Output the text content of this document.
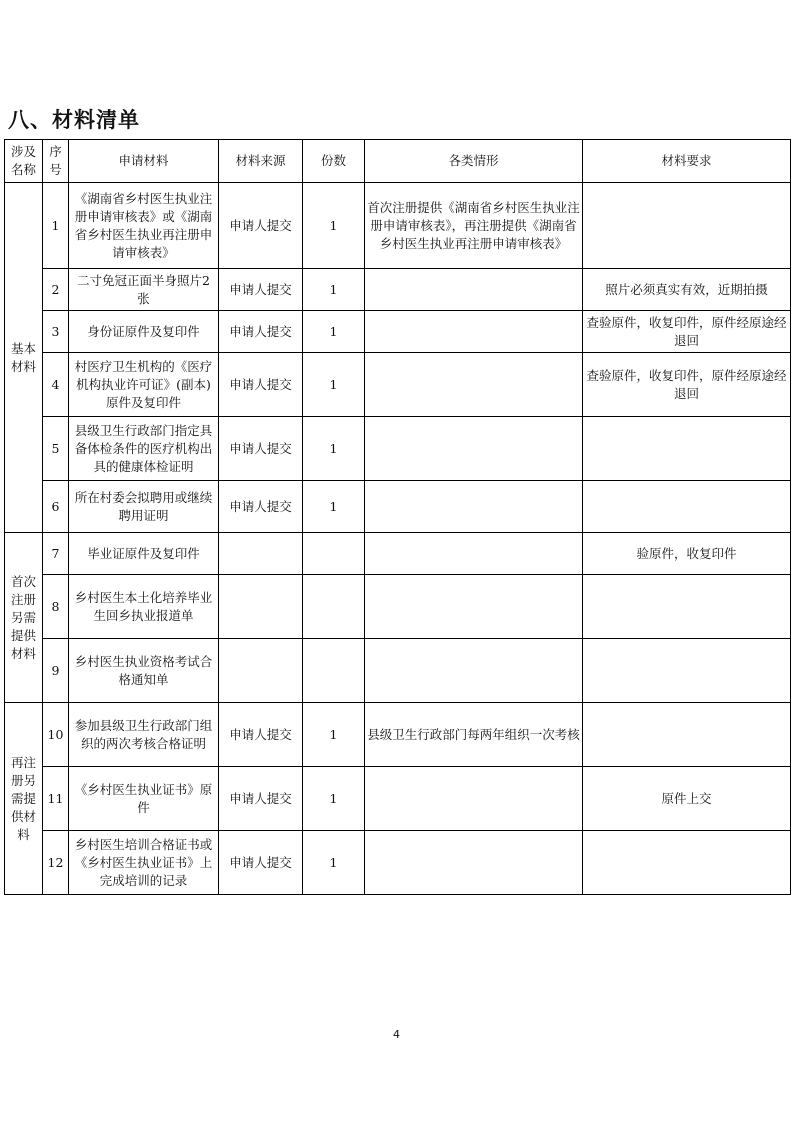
八、材料清单
涉及名称	序号	申请材料	材料来源	份数	各类情形	材料要求
基本材料	1	《湖南省乡村医生执业注册申请审核表》或《湖南省乡村医生执业再注册申请审核表》	申请人提交	1	首次注册提供《湖南省乡村医生执业注册申请审核表》，再注册提供《湖南省乡村医生执业再注册申请审核表》	
	2	二寸免冠正面半身照片2张	申请人提交	1		照片必须真实有效，近期拍摄
	3	身份证原件及复印件	申请人提交	1		查验原件，收复印件，原件经原途经退回
	4	村医疗卫生机构的《医疗机构执业许可证》(副本)原件及复印件	申请人提交	1		查验原件，收复印件，原件经原途经退回
	5	县级卫生行政部门指定具备体检条件的医疗机构出具的健康体检证明	申请人提交	1		
	6	所在村委会拟聘用或继续聘用证明	申请人提交	1		
首次注册另需提供材料	7	毕业证原件及复印件				验原件，收复印件
	8	乡村医生本土化培养毕业生回乡执业报道单				
	9	乡村医生执业资格考试合格通知单				
再注册另需提供材料	10	参加县级卫生行政部门组织的两次考核合格证明	申请人提交	1	县级卫生行政部门每两年组织一次考核	
	11	《乡村医生执业证书》原件	申请人提交	1		原件上交
	12	乡村医生培训合格证书或《乡村医生执业证书》上完成培训的记录	申请人提交	1		
4
